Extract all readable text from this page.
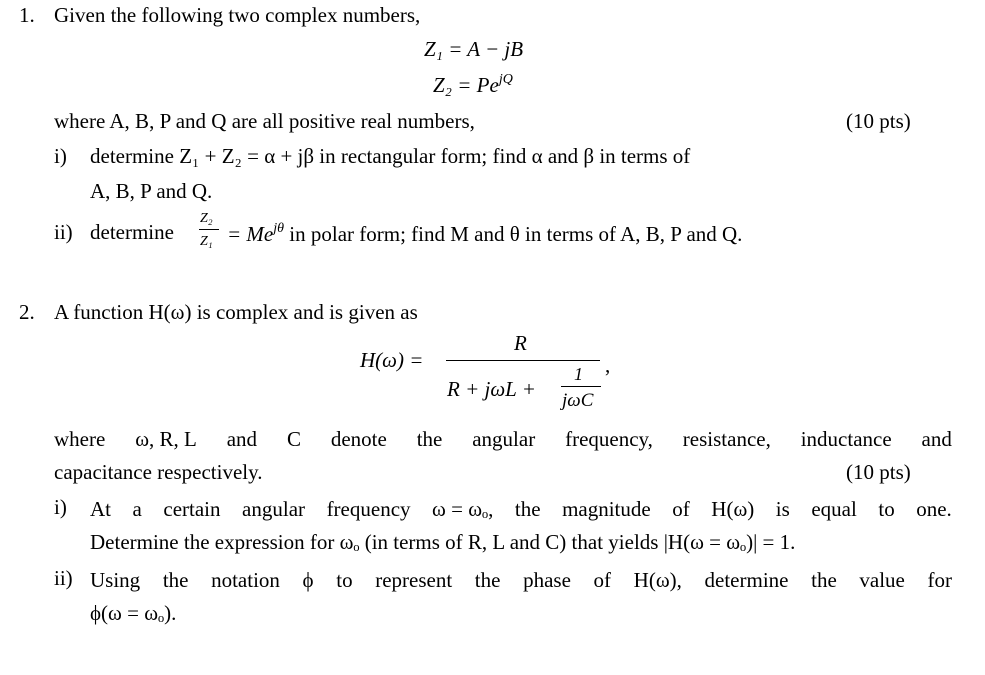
1. Given the following two complex numbers,
Z₁ = A − jB
$Z_2 = Pe^{jQ}$
where A, B, P and Q are all positive real numbers,	(10 pts)
i) determine Z₁ + Z₂ = α + jβ in rectangular form; find α and β in terms of
A, B, P and Q.
ii) determine
Z₂
$Z_1 = Me^{j\theta}$ in polar form; find M and θ in terms of A, B, P and Q.
2. A function H(ω) is complex and is given as
H(ω) =
R
R + jωL +
1
jωC
,
where ω, R, L and C denote the angular frequency, resistance, inductance and
capacitance respectively.	(10 pts)
i) At a certain angular frequency ω = ωₒ, the magnitude of H(ω) is equal to one.
Determine the expression for ωₒ (in terms of R, L and C) that yields |H(ω = ωₒ)| = 1.
ii) Using the notation ϕ to represent the phase of H(ω), determine the value for
ϕ(ω = ωₒ).
